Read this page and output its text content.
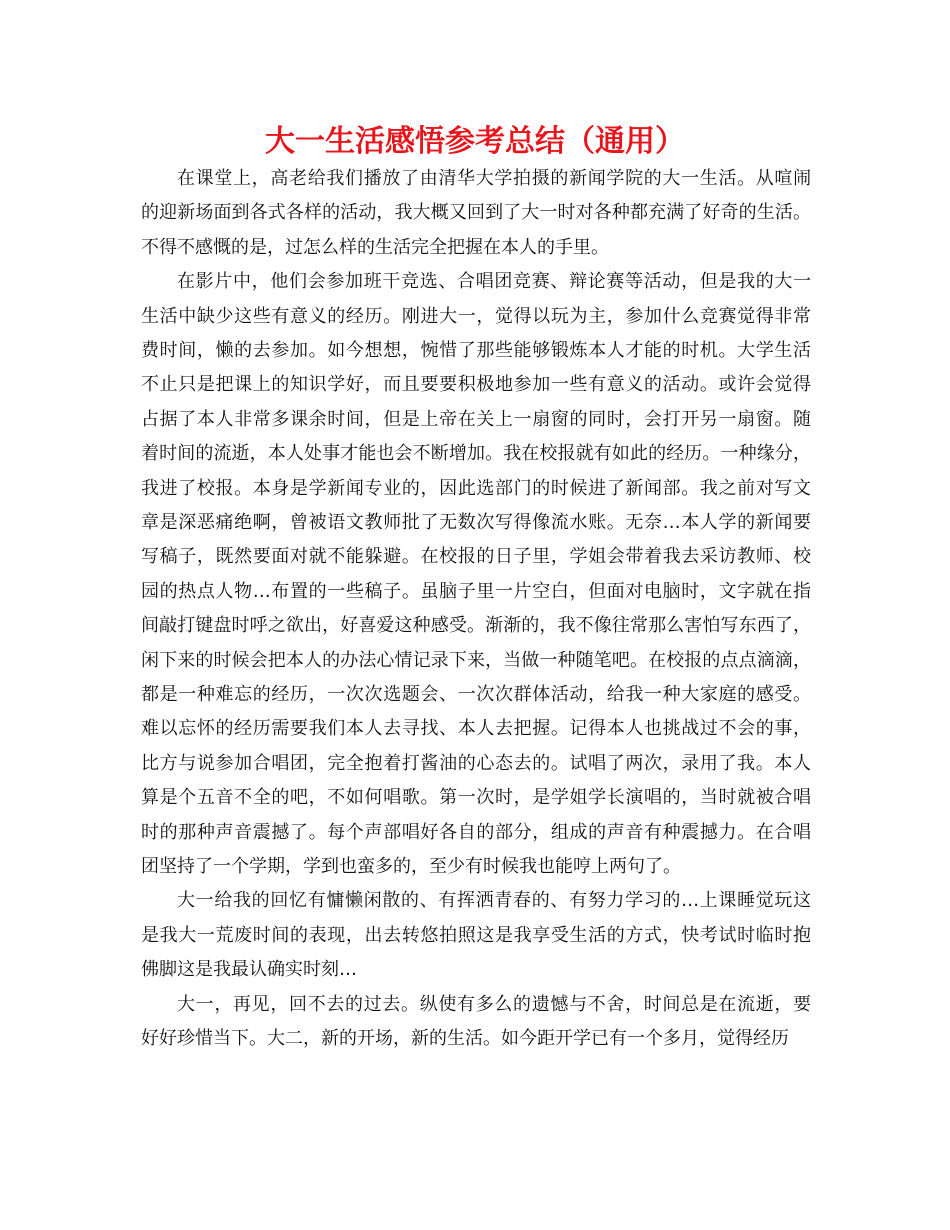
大一生活感悟参考总结（通用）
在课堂上，高老给我们播放了由清华大学拍摄的新闻学院的大一生活。从喧闹
的迎新场面到各式各样的活动，我大概又回到了大一时对各种都充满了好奇的生活。
不得不感慨的是，过怎么样的生活完全把握在本人的手里。
在影片中，他们会参加班干竞选、合唱团竞赛、辩论赛等活动，但是我的大一
生活中缺少这些有意义的经历。刚进大一，觉得以玩为主，参加什么竞赛觉得非常
费时间，懒的去参加。如今想想，惋惜了那些能够锻炼本人才能的时机。大学生活
不止只是把课上的知识学好，而且要要积极地参加一些有意义的活动。或许会觉得
占据了本人非常多课余时间，但是上帝在关上一扇窗的同时，会打开另一扇窗。随
着时间的流逝，本人处事才能也会不断增加。我在校报就有如此的经历。一种缘分，
我进了校报。本身是学新闻专业的，因此选部门的时候进了新闻部。我之前对写文
章是深恶痛绝啊，曾被语文教师批了无数次写得像流水账。无奈…本人学的新闻要
写稿子，既然要面对就不能躲避。在校报的日子里，学姐会带着我去采访教师、校
园的热点人物…布置的一些稿子。虽脑子里一片空白，但面对电脑时，文字就在指
间敲打键盘时呼之欲出，好喜爱这种感受。渐渐的，我不像往常那么害怕写东西了，
闲下来的时候会把本人的办法心情记录下来，当做一种随笔吧。在校报的点点滴滴，
都是一种难忘的经历，一次次选题会、一次次群体活动，给我一种大家庭的感受。
难以忘怀的经历需要我们本人去寻找、本人去把握。记得本人也挑战过不会的事，
比方与说参加合唱团，完全抱着打酱油的心态去的。试唱了两次，录用了我。本人
算是个五音不全的吧，不如何唱歌。第一次时，是学姐学长演唱的，当时就被合唱
时的那种声音震撼了。每个声部唱好各自的部分，组成的声音有种震撼力。在合唱
团坚持了一个学期，学到也蛮多的，至少有时候我也能哼上两句了。
大一给我的回忆有慵懒闲散的、有挥洒青春的、有努力学习的…上课睡觉玩这
是我大一荒废时间的表现，出去转悠拍照这是我享受生活的方式，快考试时临时抱
佛脚这是我最认确实时刻…
大一，再见，回不去的过去。纵使有多么的遗憾与不舍，时间总是在流逝，要
好好珍惜当下。大二，新的开场，新的生活。如今距开学已有一个多月，觉得经历
